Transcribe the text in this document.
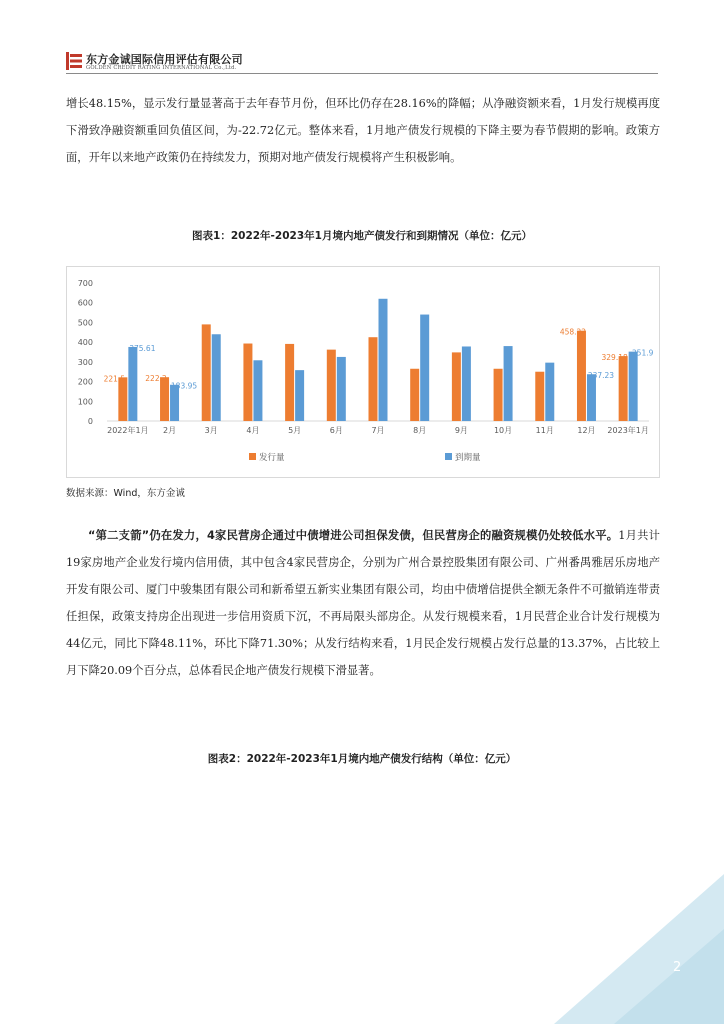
东方金诚国际信用评估有限公司
GOLDEN CREDIT RATING INTERNATIONAL Co.,Ltd.
增长48.15%，显示发行量显著高于去年春节月份，但环比仍存在28.16%的降幅；从净融资额来看，1月发行规模再度下滑致净融资额重回负值区间，为-22.72亿元。整体来看，1月地产债发行规模的下降主要为春节假期的影响。政策方面，开年以来地产政策仍在持续发力，预期对地产债发行规模将产生积极影响。
图表1：2022年-2023年1月境内地产债发行和到期情况（单位：亿元）
0
100
200
300
400
500
600
700
221.5
375.61
2022年1月
222.2
183.95
2月	3月	4月	5月	6月	7月	8月	9月	10月	11月
458.22
237.23
12月
329.18 351.9
2023年1月
发行量	到期量
数据来源：Wind，东方金诚
“第二支箭”仍在发力，4家民营房企通过中债增进公司担保发债，但民营房企的融资规模仍处较低水平。1月共计19家房地产企业发行境内信用债，其中包含4家民营房企，分别为广州合景控股集团有限公司、广州番禺雅居乐房地产开发有限公司、厦门中骏集团有限公司和新希望五新实业集团有限公司，均由中债增信提供全额无条件不可撤销连带责任担保，政策支持房企出现进一步信用资质下沉，不再局限头部房企。从发行规模来看，1月民营企业合计发行规模为44亿元，同比下降48.11%，环比下降71.30%；从发行结构来看，1月民企发行规模占发行总量的13.37%，占比较上月下降20.09个百分点，总体看民企地产债发行规模下滑显著。
图表2：2022年-2023年1月境内地产债发行结构（单位：亿元）
2
